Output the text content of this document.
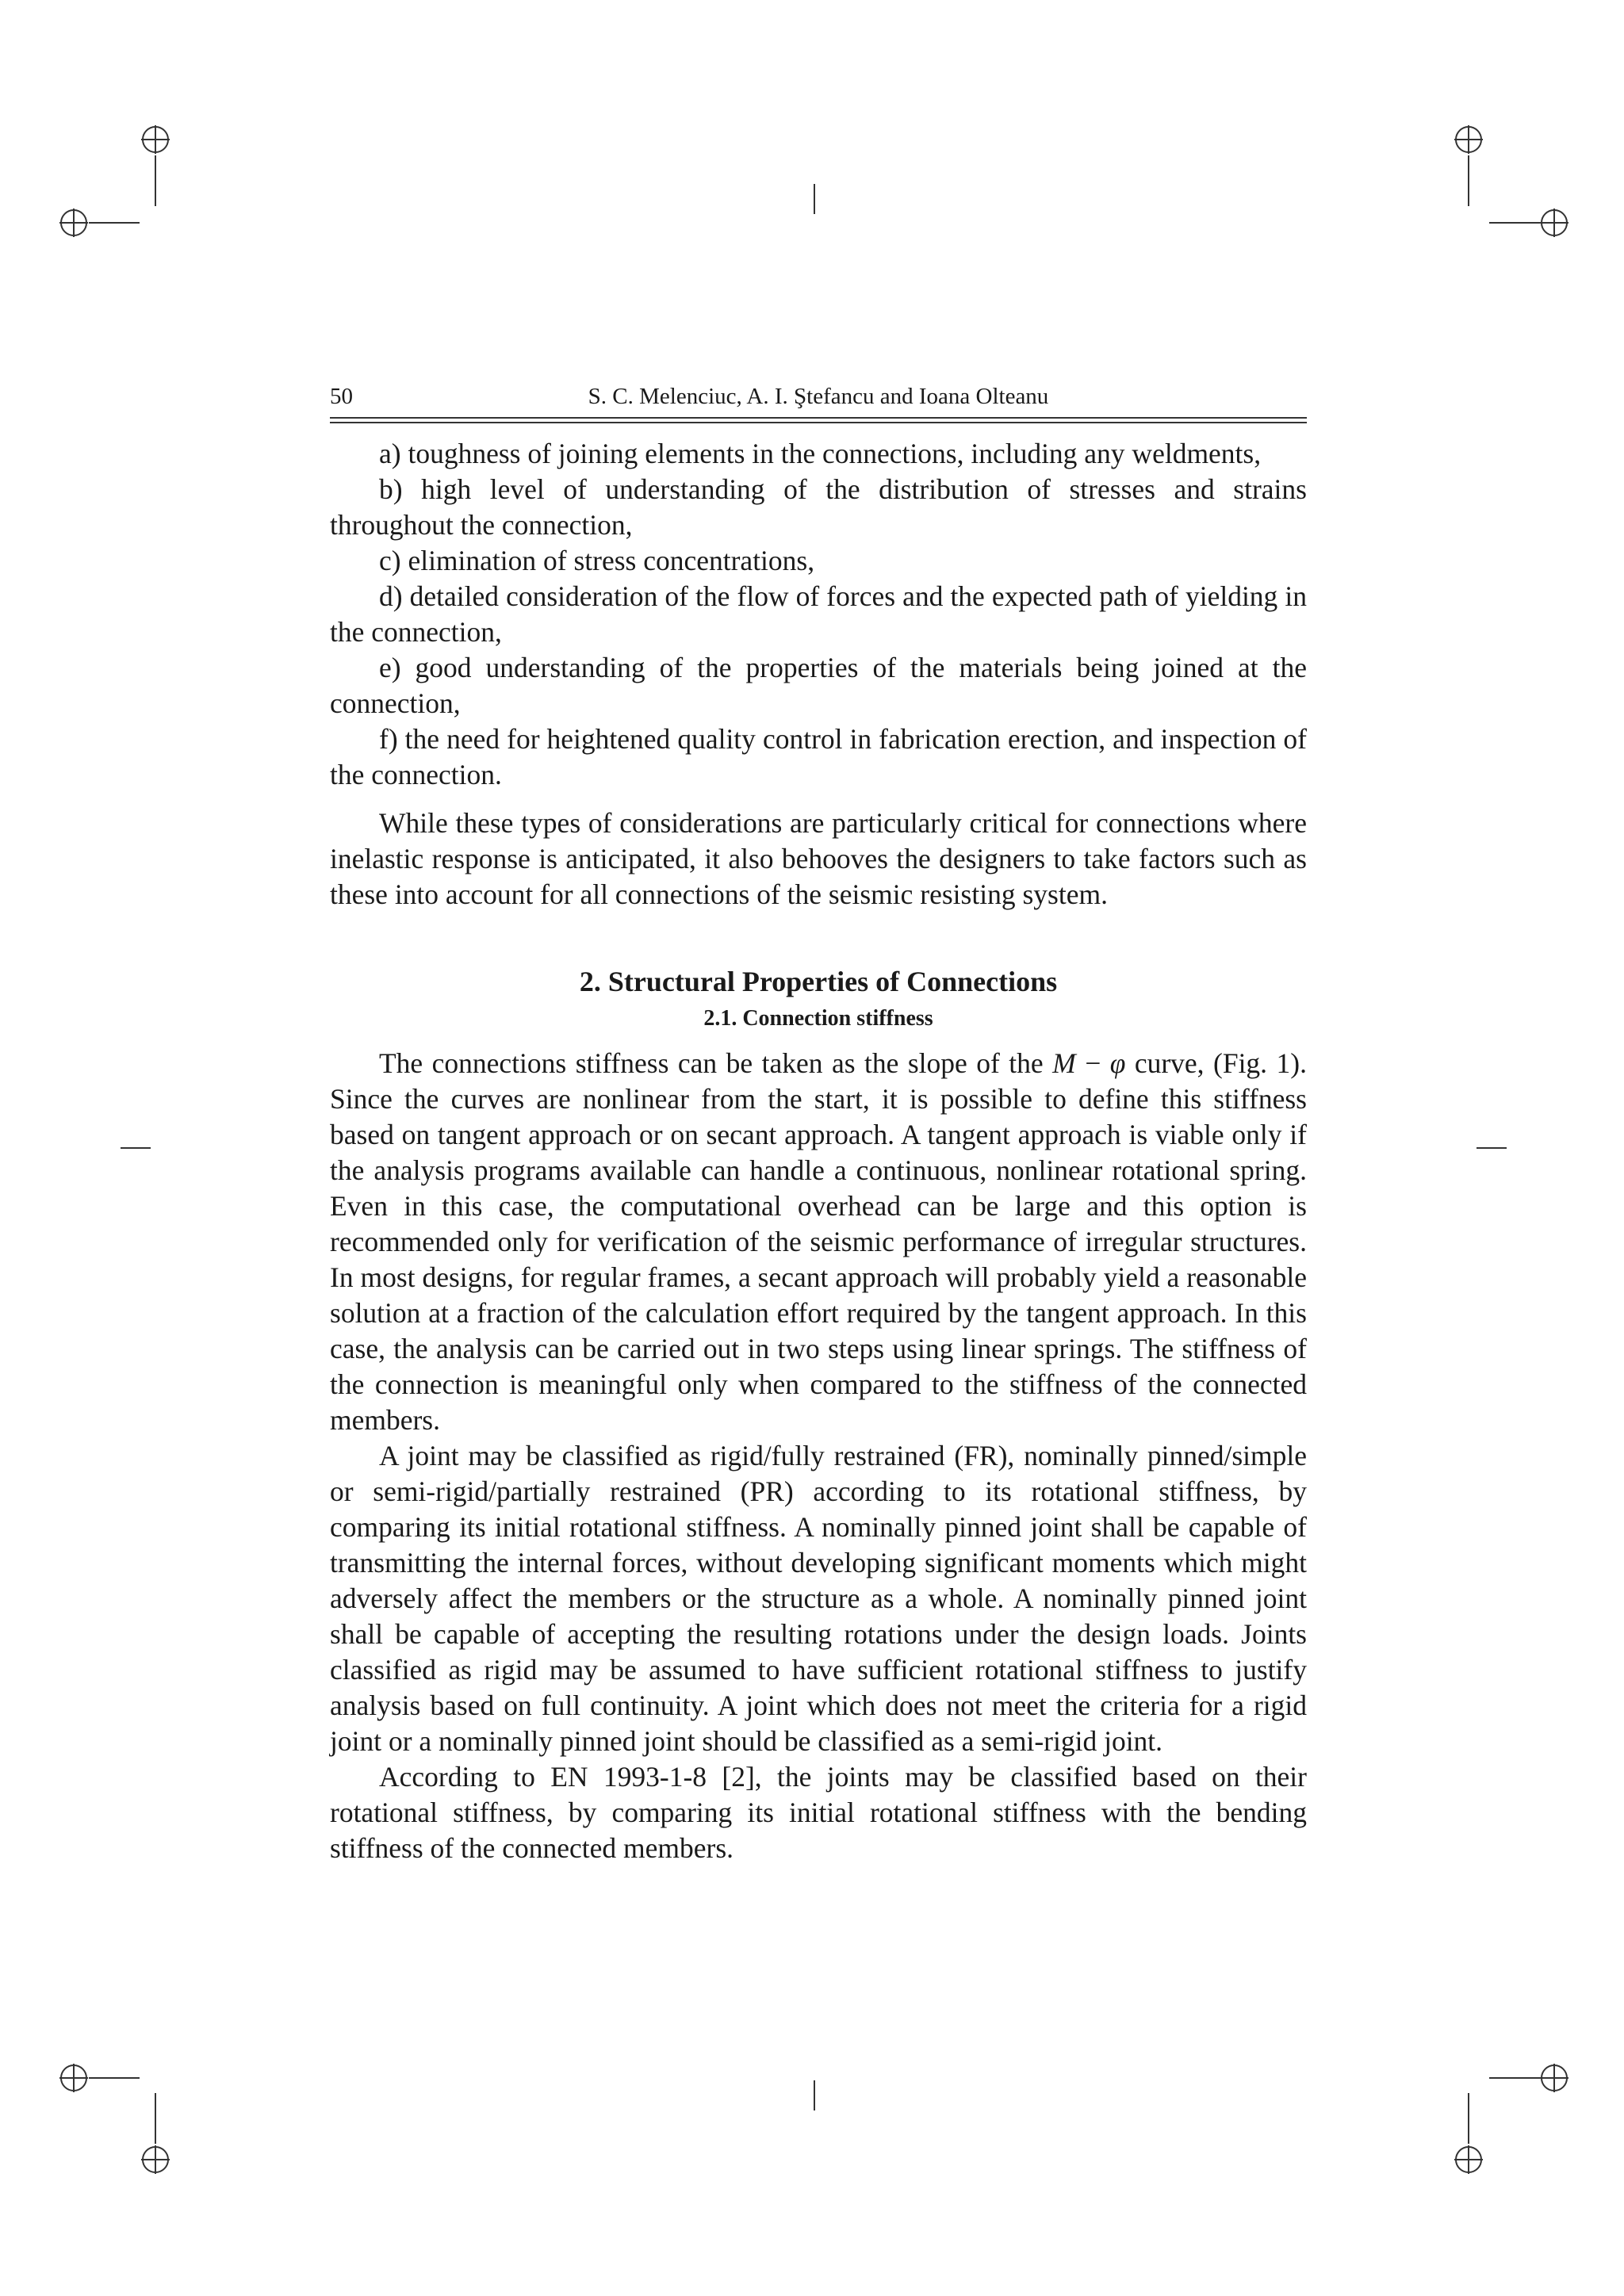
50	S. C. Melenciuc, A. I. Ştefancu and Ioana Olteanu

a) toughness of joining elements in the connections, including any weldments,

b) high level of understanding of the distribution of stresses and strains throughout the connection,

c) elimination of stress concentrations,

d) detailed consideration of the flow of forces and the expected path of yielding in the connection,

e) good understanding of the properties of the materials being joined at the connection,

f) the need for heightened quality control in fabrication erection, and inspection of the connection.

While these types of considerations are particularly critical for connections where inelastic response is anticipated, it also behooves the designers to take factors such as these into account for all connections of the seismic resisting system.

2. Structural Properties of Connections
2.1. Connection stiffness

The connections stiffness can be taken as the slope of the M − φ curve, (Fig. 1). Since the curves are nonlinear from the start, it is possible to define this stiffness based on tangent approach or on secant approach. A tangent approach is viable only if the analysis programs available can handle a continuous, nonlinear rotational spring. Even in this case, the computational overhead can be large and this option is recommended only for verification of the seismic performance of irregular structures. In most designs, for regular frames, a secant approach will probably yield a reasonable solution at a fraction of the calculation effort required by the tangent approach. In this case, the analysis can be carried out in two steps using linear springs. The stiffness of the connection is meaningful only when compared to the stiffness of the connected members.

A joint may be classified as rigid/fully restrained (FR), nominally pinned/simple or semi-rigid/partially restrained (PR) according to its rotational stiffness, by comparing its initial rotational stiffness. A nominally pinned joint shall be capable of transmitting the internal forces, without developing significant moments which might adversely affect the members or the structure as a whole. A nominally pinned joint shall be capable of accepting the resulting rotations under the design loads. Joints classified as rigid may be assumed to have sufficient rotational stiffness to justify analysis based on full continuity. A joint which does not meet the criteria for a rigid joint or a nominally pinned joint should be classified as a semi-rigid joint.

According to EN 1993-1-8 [2], the joints may be classified based on their rotational stiffness, by comparing its initial rotational stiffness with the bending stiffness of the connected members.
